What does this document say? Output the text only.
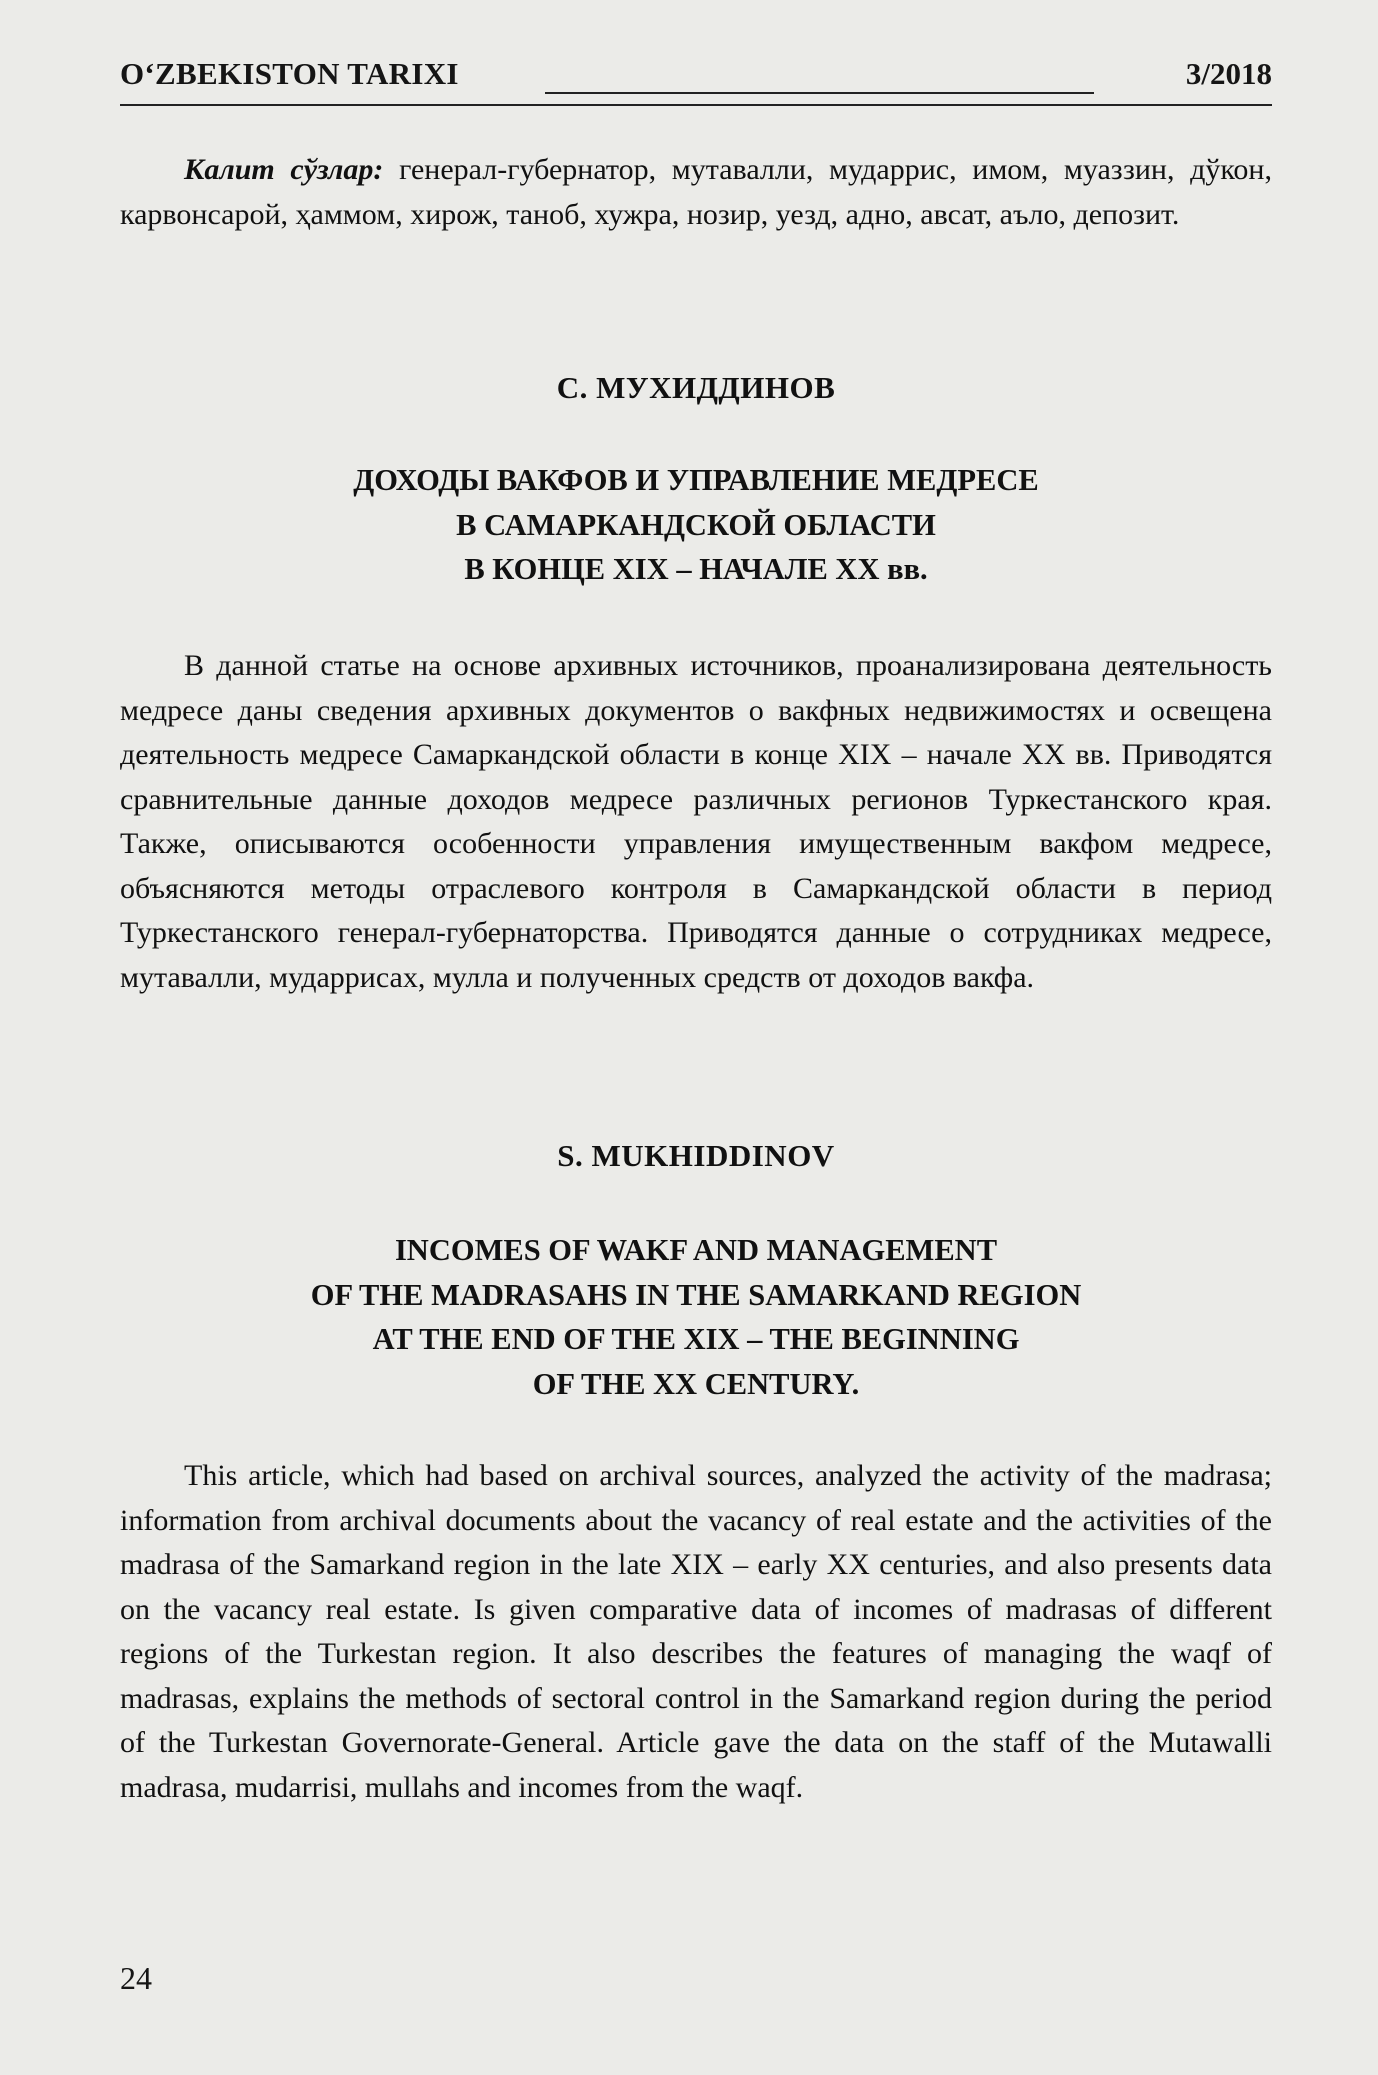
O‘ZBEKISTON TARIXI	3/2018

Калит сўзлар: генерал-губернатор, мутавалли, мударрис, имом, муаззин, дўкон, карвонсарой, ҳаммом, хирож, таноб, хужра, нозир, уезд, адно, авсат, аъло, депозит.

С. МУХИДДИНОВ

ДОХОДЫ ВАКФОВ И УПРАВЛЕНИЕ МЕДРЕСЕ
В САМАРКАНДСКОЙ ОБЛАСТИ
В КОНЦЕ XIX – НАЧАЛЕ XX вв.

В данной статье на основе архивных источников, проанализирована деятельность медресе даны сведения архивных документов о вакфных недвижимостях и освещена деятельность медресе Самаркандской области в конце XIX – начале XX вв. Приводятся сравнительные данные доходов медресе различных регионов Туркестанского края. Также, описываются особенности управления имущественным вакфом медресе, объясняются методы отраслевого контроля в Самаркандской области в период Туркестанского генерал-губернаторства. Приводятся данные о сотрудниках медресе, мутавалли, мударрисах, мулла и полученных средств от доходов вакфа.

S. MUKHIDDINOV

INCOMES OF WAKF AND MANAGEMENT
OF THE MADRASAHS IN THE SAMARKAND REGION
AT THE END OF THE XIX – THE BEGINNING
OF THE XX CENTURY.

This article, which had based on archival sources, analyzed the activity of the madrasa; information from archival documents about the vacancy of real estate and the activities of the madrasa of the Samarkand region in the late XIX – early XX centuries, and also presents data on the vacancy real estate. Is given comparative data of incomes of madrasas of different regions of the Turkestan region. It also describes the features of managing the waqf of madrasas, explains the methods of sectoral control in the Samarkand region during the period of the Turkestan Governorate-General. Article gave the data on the staff of the Mutawalli madrasa, mudarrisi, mullahs and incomes from the waqf.

24
